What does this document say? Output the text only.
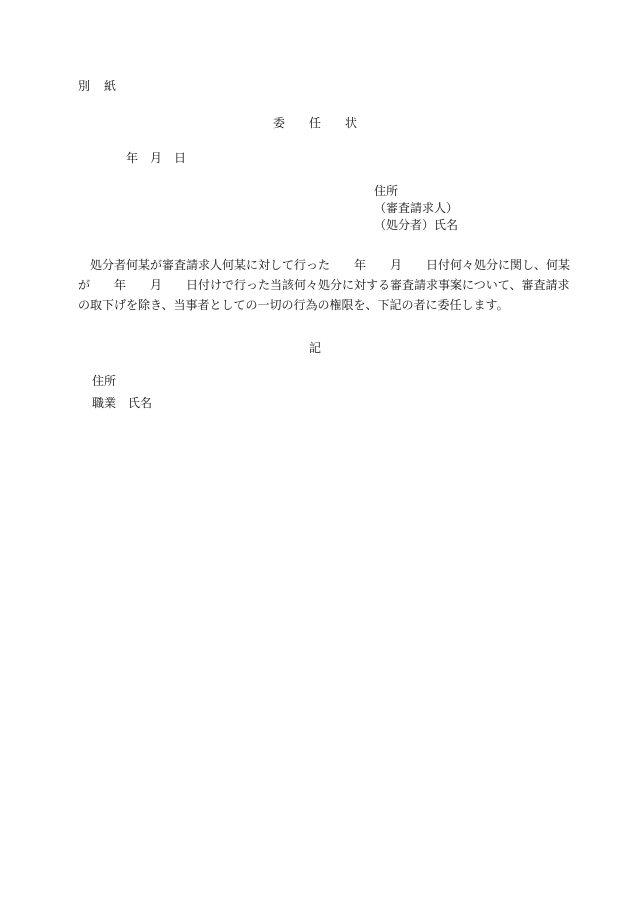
別　紙
委　　任　　状
年　月　日
住所
（審査請求人）
（処分者）氏名
　処分者何某が審査請求人何某に対して行った　　年　　月　　日付何々処分に関し、何某
が　　年　　月　　日付けで行った当該何々処分に対する審査請求事案について、審査請求
の取下げを除き、当事者としての一切の行為の権限を、下記の者に委任します。
記
住所
職業　氏名
